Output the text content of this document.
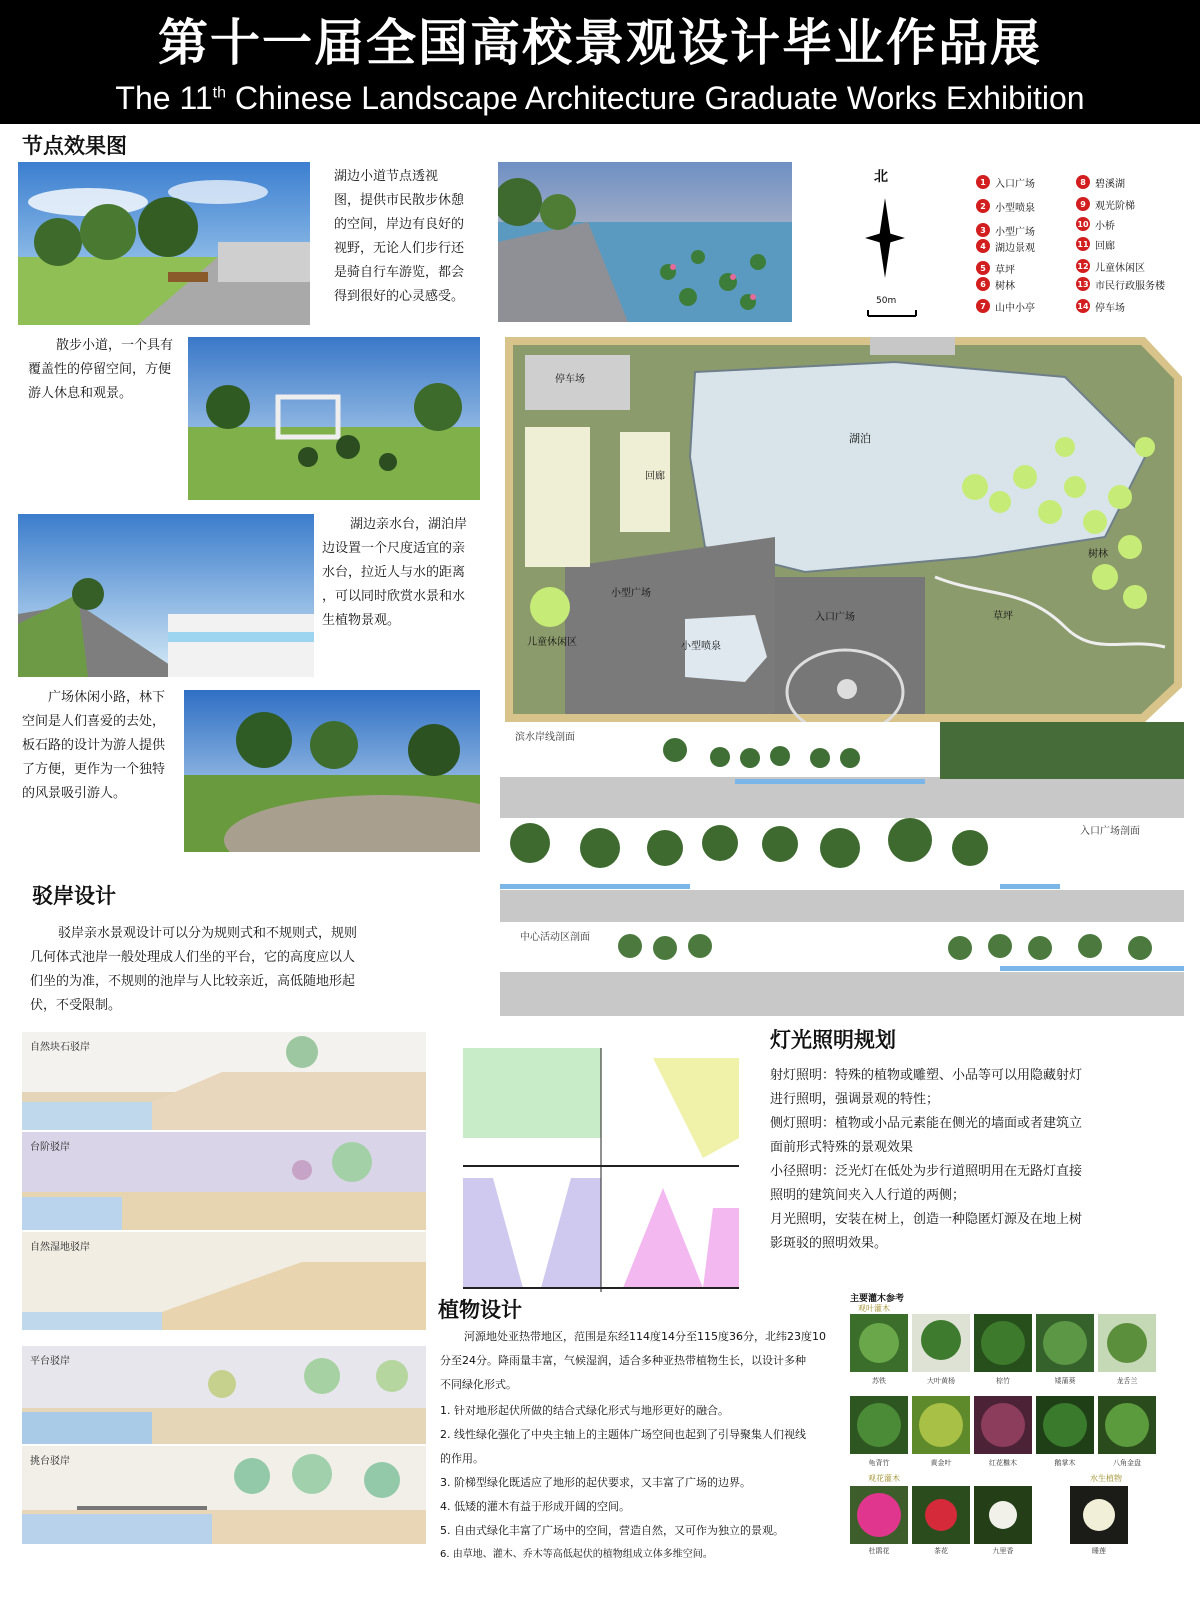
第十一届全国高校景观设计毕业作品展
The 11th Chinese Landscape Architecture Graduate Works Exhibition
节点效果图
湖边小道节点透视
图，提供市民散步休憩
的空间，岸边有良好的
视野，无论人们步行还
是骑自行车游览，都会
得到很好的心灵感受。
北
50m
1 入口广场
2 小型喷泉
3 小型广场
4 湖边景观
5 草坪
6 树林
7 山中小亭
8 碧溪湖
9 观光阶梯
10 小桥
11 回廊
12 儿童休闲区
13 市民行政服务楼
14 停车场
散步小道，一个具有
覆盖性的停留空间，方便
游人休息和观景。
湖边亲水台，湖泊岸
边设置一个尺度适宜的亲
水台，拉近人与水的距离
，可以同时欣赏水景和水
生植物景观。
广场休闲小路，林下
空间是人们喜爱的去处，
板石路的设计为游人提供
了方便，更作为一个独特
的风景吸引游人。
停车场
湖泊
回廊
小型广场
儿童休闲区	小型喷泉
入口广场	草坪
树林
滨水岸线剖面
入口广场剖面
中心活动区剖面
驳岸设计
驳岸亲水景观设计可以分为规则式和不规则式，规则
几何体式池岸一般处理成人们坐的平台，它的高度应以人
们坐的为准，不规则的池岸与人比较亲近，高低随地形起
伏，不受限制。
自然块石驳岸
台阶驳岸
自然湿地驳岸
平台驳岸
挑台驳岸
灯光照明规划
射灯照明：特殊的植物或雕塑、小品等可以用隐藏射灯
进行照明，强调景观的特性；
侧灯照明：植物或小品元素能在侧光的墙面或者建筑立
面前形式特殊的景观效果
小径照明：泛光灯在低处为步行道照明用在无路灯直接
照明的建筑间夹入人行道的两侧；
月光照明，安装在树上，创造一种隐匿灯源及在地上树
影斑驳的照明效果。
植物设计
河源地处亚热带地区，范围是东经114度14分至115度36分，北纬23度10
分至24分。降雨量丰富，气候湿润，适合多种亚热带植物生长，以设计多种
不同绿化形式。
1. 针对地形起伏所做的结合式绿化形式与地形更好的融合。
2. 线性绿化强化了中央主轴上的主题体广场空间也起到了引导聚集人们视线
的作用。
3. 阶梯型绿化既适应了地形的起伏要求，又丰富了广场的边界。
4. 低矮的灌木有益于形成开阔的空间。
5. 自由式绿化丰富了广场中的空间，营造自然，又可作为独立的景观。
6. 由草地、灌木、乔木等高低起伏的植物组成立体多维空间。
主要灌木参考
观叶灌木
苏铁	大叶黄杨	棕竹	矮蒲葵	龙舌兰
龟背竹	黄金叶	红花檵木	鹅掌木	八角金盘
观花灌木	水生植物
杜鹃花	茶花	九里香	睡莲
